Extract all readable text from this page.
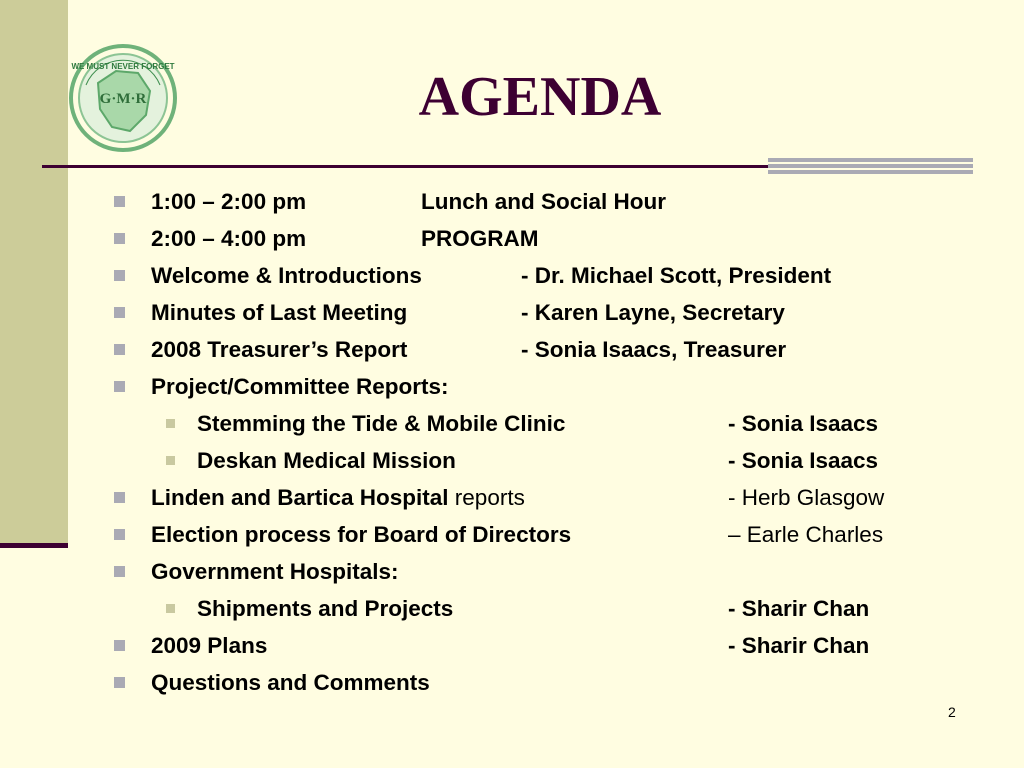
WE MUST NEVER FORGET
G·M·R	AGENDA
1:00 – 2:00 pm	Lunch and Social Hour
2:00 – 4:00 pm	PROGRAM
Welcome & Introductions	- Dr. Michael Scott, President
Minutes of Last Meeting	- Karen Layne, Secretary
2008 Treasurer’s Report	- Sonia Isaacs, Treasurer
Project/Committee Reports:
Stemming the Tide & Mobile Clinic	- Sonia Isaacs
Deskan Medical Mission	- Sonia Isaacs
Linden and Bartica Hospital reports	- Herb Glasgow
Election process for Board of Directors	– Earle Charles
Government Hospitals:
Shipments and Projects	- Sharir Chan
2009 Plans	- Sharir Chan
Questions and Comments
2
